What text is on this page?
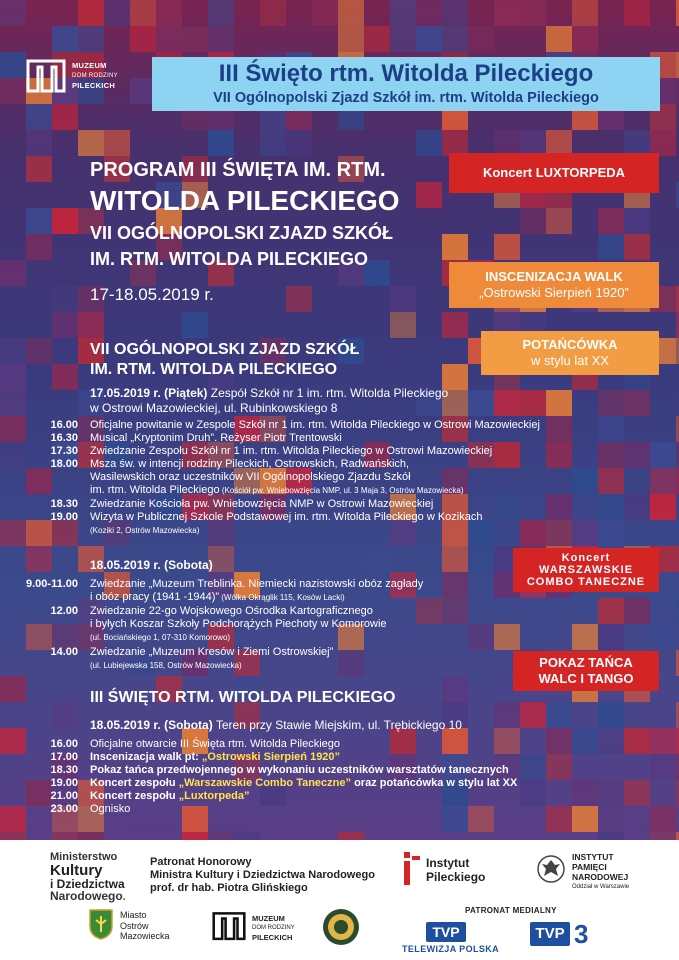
MUZEUM
DOM RODZINY
PILECKICH	III Święto rtm. Witolda Pileckiego
VII Ogólnopolski Zjazd Szkół im. rtm. Witolda Pileckiego
PROGRAM III ŚWIĘTA IM. RTM.
WITOLDA PILECKIEGO
VII OGÓLNOPOLSKI ZJAZD SZKÓŁ
IM. RTM. WITOLDA PILECKIEGO
17-18.05.2019 r.
Koncert LUXTORPEDA
INSCENIZACJA WALK
„Ostrowski Sierpień 1920”
POTAŃCÓWKA
w stylu lat XX
Koncert
WARSZAWSKIE
COMBO TANECZNE
POKAZ TAŃCA
WALC I TANGO
VII OGÓLNOPOLSKI ZJAZD SZKÓŁ
IM. RTM. WITOLDA PILECKIEGO
17.05.2019 r. (Piątek) Zespół Szkół nr 1 im. rtm. Witolda Pileckiego
w Ostrowi Mazowieckiej, ul. Rubinkowskiego 8
16.00 Oficjalne powitanie w Zespole Szkół nr 1 im. rtm. Witolda Pileckiego w Ostrowi Mazowieckiej
16.30 Musical „Kryptonim Druh”. Reżyser Piotr Trentowski
17.30 Zwiedzanie Zespołu Szkół nr 1 im. rtm. Witolda Pileckiego w Ostrowi Mazowieckiej
18.00 Msza św. w intencji rodziny Pileckich, Ostrowskich, Radwańskich,
Wasilewskich oraz uczestników VII Ogólnopolskiego Zjazdu Szkół
im. rtm. Witolda Pileckiego (Kościół pw. Wniebowzięcia NMP, ul. 3 Maja 3, Ostrów Mazowiecka)
18.30 Zwiedzanie Kościoła pw. Wniebowzięcia NMP w Ostrowi Mazowieckiej
19.00 Wizyta w Publicznej Szkole Podstawowej im. rtm. Witolda Pileckiego w Kozikach
(Koziki 2, Ostrów Mazowiecka)
18.05.2019 r. (Sobota)
9.00-11.00 Zwiedzanie „Muzeum Treblinka. Niemiecki nazistowski obóz zagłady
i obóz pracy (1941 -1944)” (Wólka Okrąglik 115, Kosów Lacki)
12.00 Zwiedzanie 22-go Wojskowego Ośrodka Kartograficznego
i byłych Koszar Szkoły Podchorążych Piechoty w Komorowie
(ul. Bociańskiego 1, 07-310 Komorowo)
14.00 Zwiedzanie „Muzeum Kresów i Ziemi Ostrowskiej”
(ul. Lubiejewska 158, Ostrów Mazowiecka)
III ŚWIĘTO RTM. WITOLDA PILECKIEGO
18.05.2019 r. (Sobota) Teren przy Stawie Miejskim, ul. Trębickiego 10
16.00 Oficjalne otwarcie III Święta rtm. Witolda Pileckiego
17.00 Inscenizacja walk pt: „Ostrowski Sierpień 1920”
18.30 Pokaz tańca przedwojennego w wykonaniu uczestników warsztatów tanecznych
19.00 Koncert zespołu „Warszawskie Combo Taneczne” oraz potańcówka w stylu lat XX
21.00 Koncert zespołu „Luxtorpeda”
23.00 Ognisko
Ministerstwo
Kultury
i Dziedzictwa
Narodowego.
Patronat Honorowy
Ministra Kultury i Dziedzictwa Narodowego
prof. dr hab. Piotra Glińskiego
Instytut
Pileckiego
INSTYTUT
PAMIĘCI
NARODOWEJ
Oddział w Warszawie
Miasto
Ostrów
Mazowiecka
MUZEUM
DOM RODZINY
PILECKICH
PATRONAT MEDIALNY
TVP
TELEWIZJA POLSKA
TVP 3
